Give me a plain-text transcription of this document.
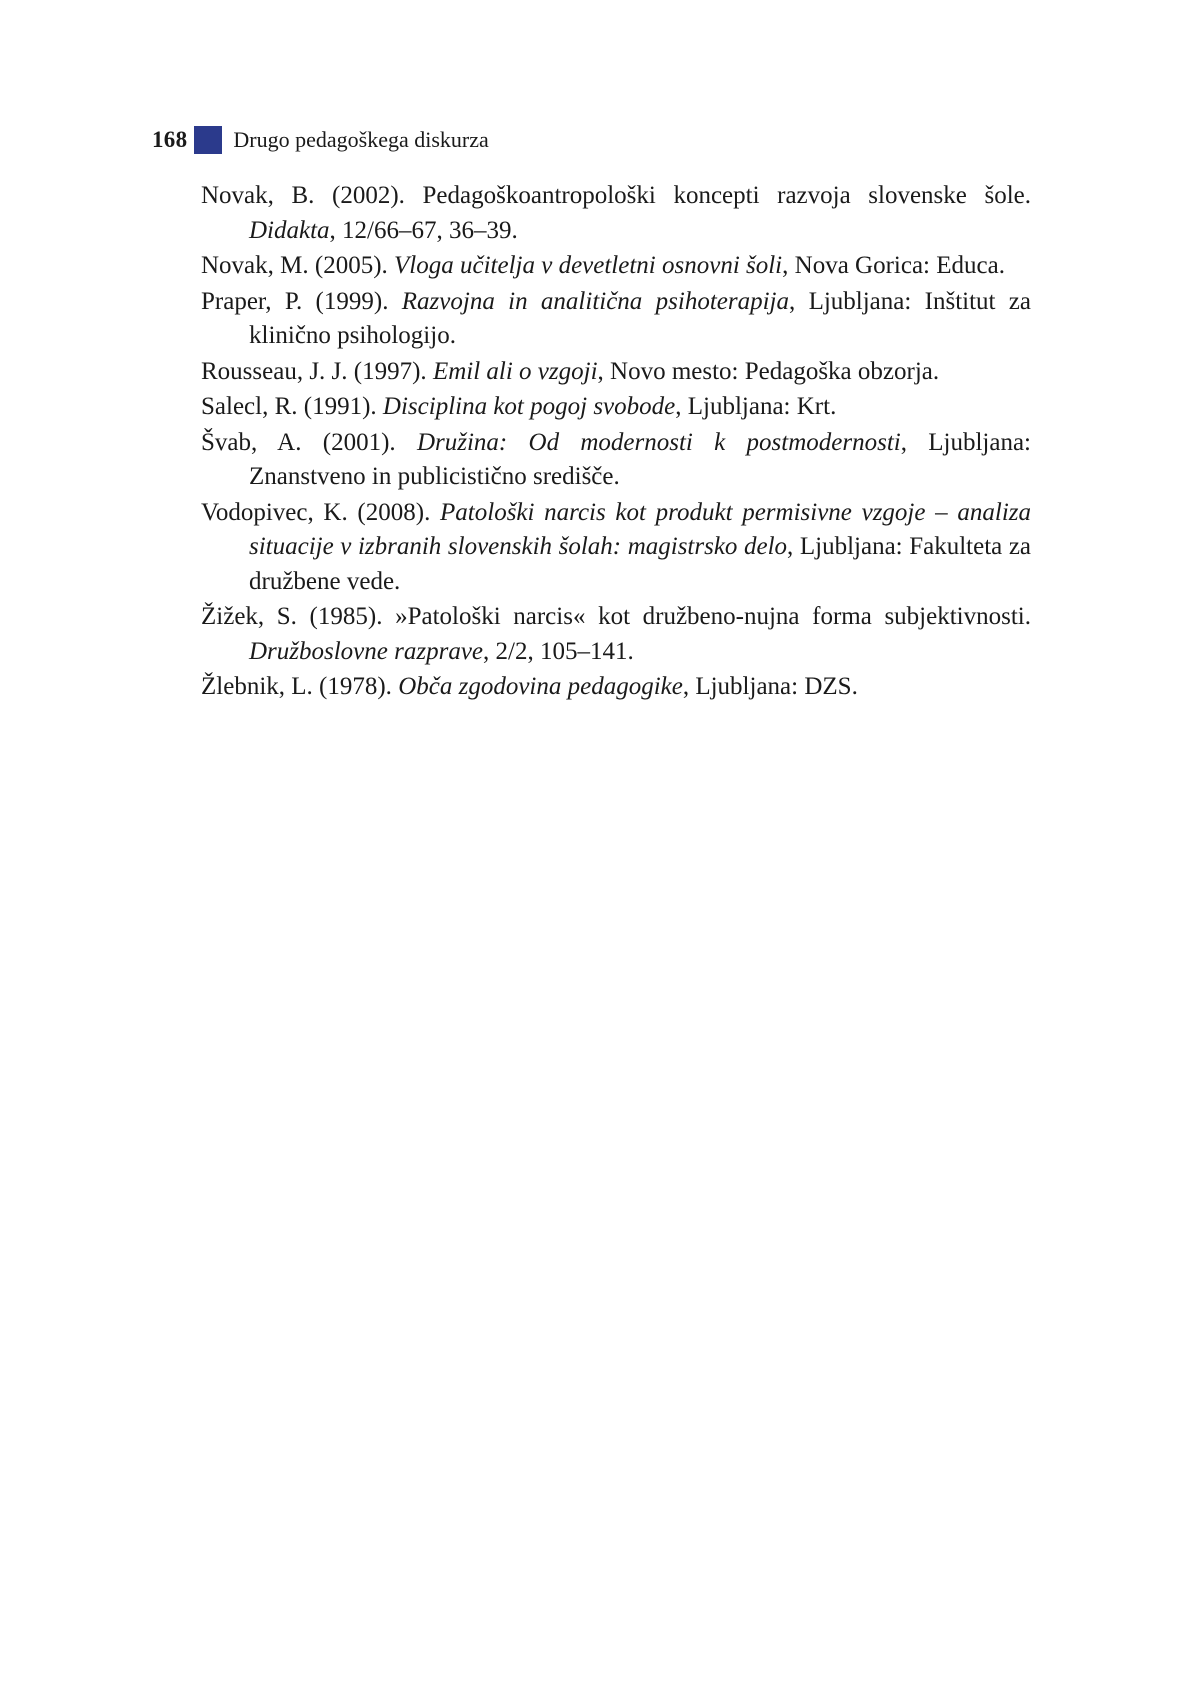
168 Drugo pedagoškega diskurza
Novak, B. (2002). Pedagoškoantropološki koncepti razvoja slovenske šole. Didakta, 12/66–67, 36–39.
Novak, M. (2005). Vloga učitelja v devetletni osnovni šoli, Nova Gorica: Educa.
Praper, P. (1999). Razvojna in analitična psihoterapija, Ljubljana: Inštitut za klinično psihologijo.
Rousseau, J. J. (1997). Emil ali o vzgoji, Novo mesto: Pedagoška obzorja.
Salecl, R. (1991). Disciplina kot pogoj svobode, Ljubljana: Krt.
Švab, A. (2001). Družina: Od modernosti k postmodernosti, Ljubljana: Znanstveno in publicistično središče.
Vodopivec, K. (2008). Patološki narcis kot produkt permisivne vzgoje – analiza situacije v izbranih slovenskih šolah: magistrsko delo, Ljubljana: Fakulteta za družbene vede.
Žižek, S. (1985). »Patološki narcis« kot družbeno-nujna forma subjektivnosti. Družboslovne razprave, 2/2, 105–141.
Žlebnik, L. (1978). Obča zgodovina pedagogike, Ljubljana: DZS.
